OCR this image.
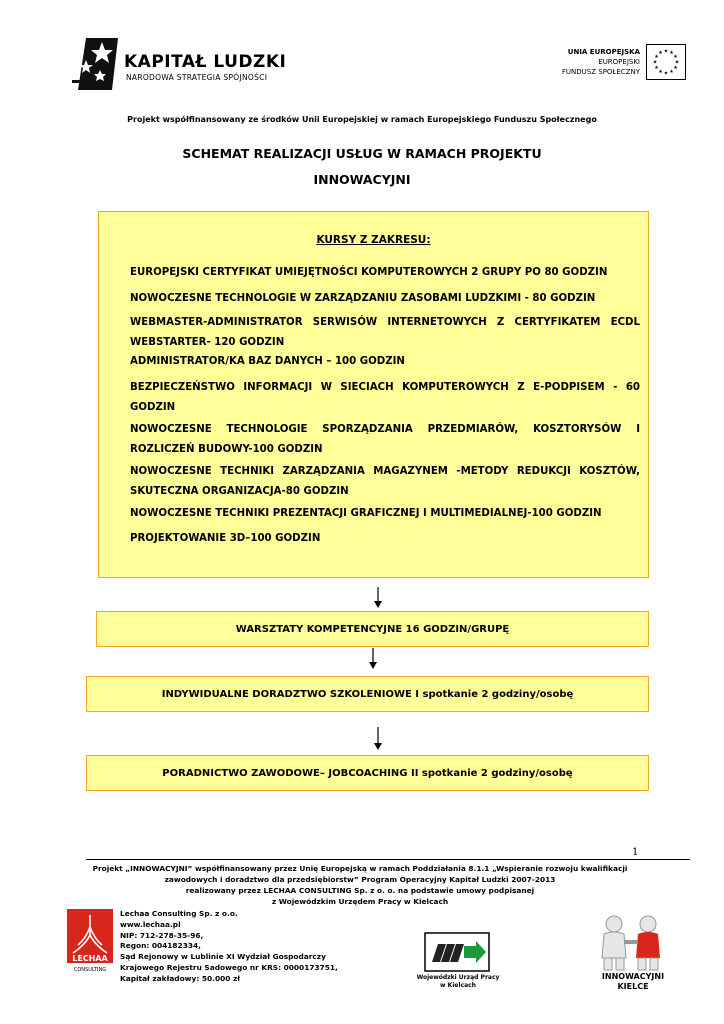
KAPITAŁ LUDZKI
NARODOWA STRATEGIA SPÓJNOŚCI
UNIA EUROPEJSKA
EUROPEJSKI
FUNDUSZ SPOŁECZNY
★ ★
★
★
★
★
★
★
★
★
★
★
Projekt współfinansowany ze środków Unii Europejskiej w ramach Europejskiego Funduszu Społecznego
SCHEMAT REALIZACJI USŁUG W RAMACH PROJEKTU
INNOWACYJNI
KURSY Z ZAKRESU:
EUROPEJSKI CERTYFIKAT UMIEJĘTNOŚCI KOMPUTEROWYCH 2 GRUPY PO 80 GODZIN
NOWOCZESNE TECHNOLOGIE W ZARZĄDZANIU ZASOBAMI LUDZKIMI - 80 GODZIN
WEBMASTER-ADMINISTRATOR SERWISÓW INTERNETOWYCH Z CERTYFIKATEM ECDL WEBSTARTER- 120 GODZIN
ADMINISTRATOR/KA BAZ DANYCH – 100 GODZIN
BEZPIECZEŃSTWO INFORMACJI W SIECIACH KOMPUTEROWYCH Z E-PODPISEM - 60 GODZIN
NOWOCZESNE TECHNOLOGIE SPORZĄDZANIA PRZEDMIARÓW, KOSZTORYSÓW I ROZLICZEŃ BUDOWY-100 GODZIN
NOWOCZESNE TECHNIKI ZARZĄDZANIA MAGAZYNEM -METODY REDUKCJI KOSZTÓW, SKUTECZNA ORGANIZACJA-80 GODZIN
NOWOCZESNE TECHNIKI PREZENTACJI GRAFICZNEJ I MULTIMEDIALNEJ-100 GODZIN
PROJEKTOWANIE 3D–100 GODZIN
WARSZTATY KOMPETENCYJNE 16 GODZIN/GRUPĘ
INDYWIDUALNE DORADZTWO SZKOLENIOWE I spotkanie 2 godziny/osobę
PORADNICTWO ZAWODOWE– JOBCOACHING II spotkanie 2 godziny/osobę
1
Projekt „INNOWACYJNI” współfinansowany przez Unię Europejską w ramach Poddziałania 8.1.1 „Wspieranie rozwoju kwalifikacji
zawodowych i doradztwo dla przedsiębiorstw” Program Operacyjny Kapitał Ludzki 2007-2013
realizowany przez LECHAA CONSULTING Sp. z o. o. na podstawie umowy podpisanej
z Wojewódzkim Urzędem Pracy w Kielcach
LECHAA
CONSULTING
Lechaa Consulting Sp. z o.o.
www.lechaa.pl
NIP: 712-278-35-96,
Regon: 004182334,
Sąd Rejonowy w Lublinie XI Wydział Gospodarczy
Krajowego Rejestru Sadowego nr KRS: 0000173751,
Kapitał zakładowy: 50.000 zł	Wojewódzki Urząd Pracy
w Kielcach
INNOWACYJNI
KIELCE
